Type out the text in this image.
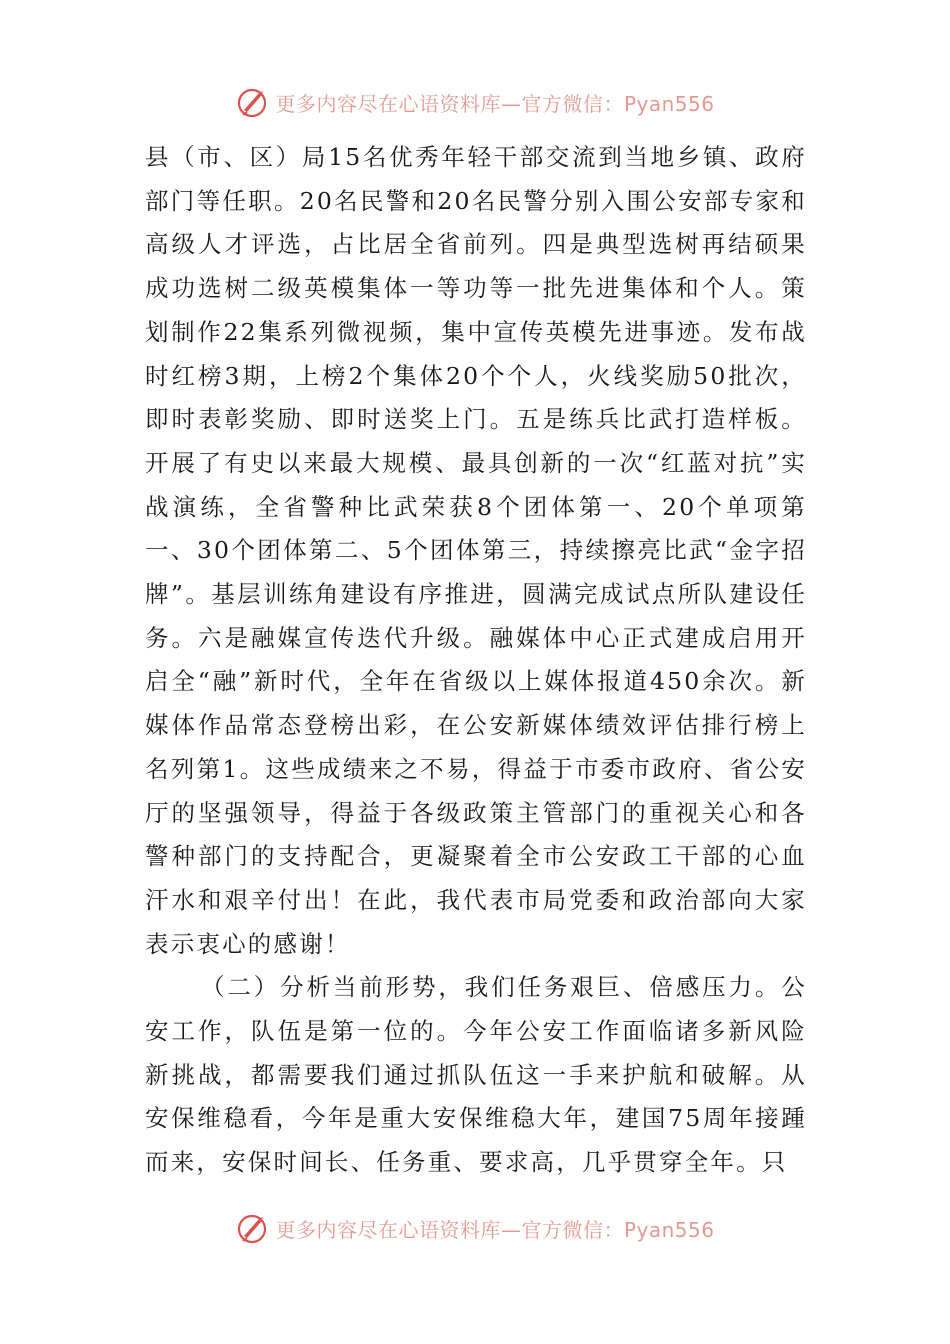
更多内容尽在心语资料库—官方微信：Pyan556

县（市、区）局15名优秀年轻干部交流到当地乡镇、政府部门等任职。20名民警和20名民警分别入围公安部专家和高级人才评选，占比居全省前列。四是典型选树再结硕果成功选树二级英模集体一等功等一批先进集体和个人。策划制作22集系列微视频，集中宣传英模先进事迹。发布战时红榜3期，上榜2个集体20个个人，火线奖励50批次，即时表彰奖励、即时送奖上门。五是练兵比武打造样板。开展了有史以来最大规模、最具创新的一次“红蓝对抗”实战演练，全省警种比武荣获8个团体第一、20个单项第一、30个团体第二、5个团体第三，持续擦亮比武“金字招牌”。基层训练角建设有序推进，圆满完成试点所队建设任务。六是融媒宣传迭代升级。融媒体中心正式建成启用开启全“融”新时代，全年在省级以上媒体报道450余次。新媒体作品常态登榜出彩，在公安新媒体绩效评估排行榜上名列第1。这些成绩来之不易，得益于市委市政府、省公安厅的坚强领导，得益于各级政策主管部门的重视关心和各警种部门的支持配合，更凝聚着全市公安政工干部的心血汗水和艰辛付出！在此，我代表市局党委和政治部向大家表示衷心的感谢！

（二）分析当前形势，我们任务艰巨、倍感压力。公安工作，队伍是第一位的。今年公安工作面临诸多新风险新挑战，都需要我们通过抓队伍这一手来护航和破解。从安保维稳看，今年是重大安保维稳大年，建国75周年接踵而来，安保时间长、任务重、要求高，几乎贯穿全年。只

更多内容尽在心语资料库—官方微信：Pyan556
